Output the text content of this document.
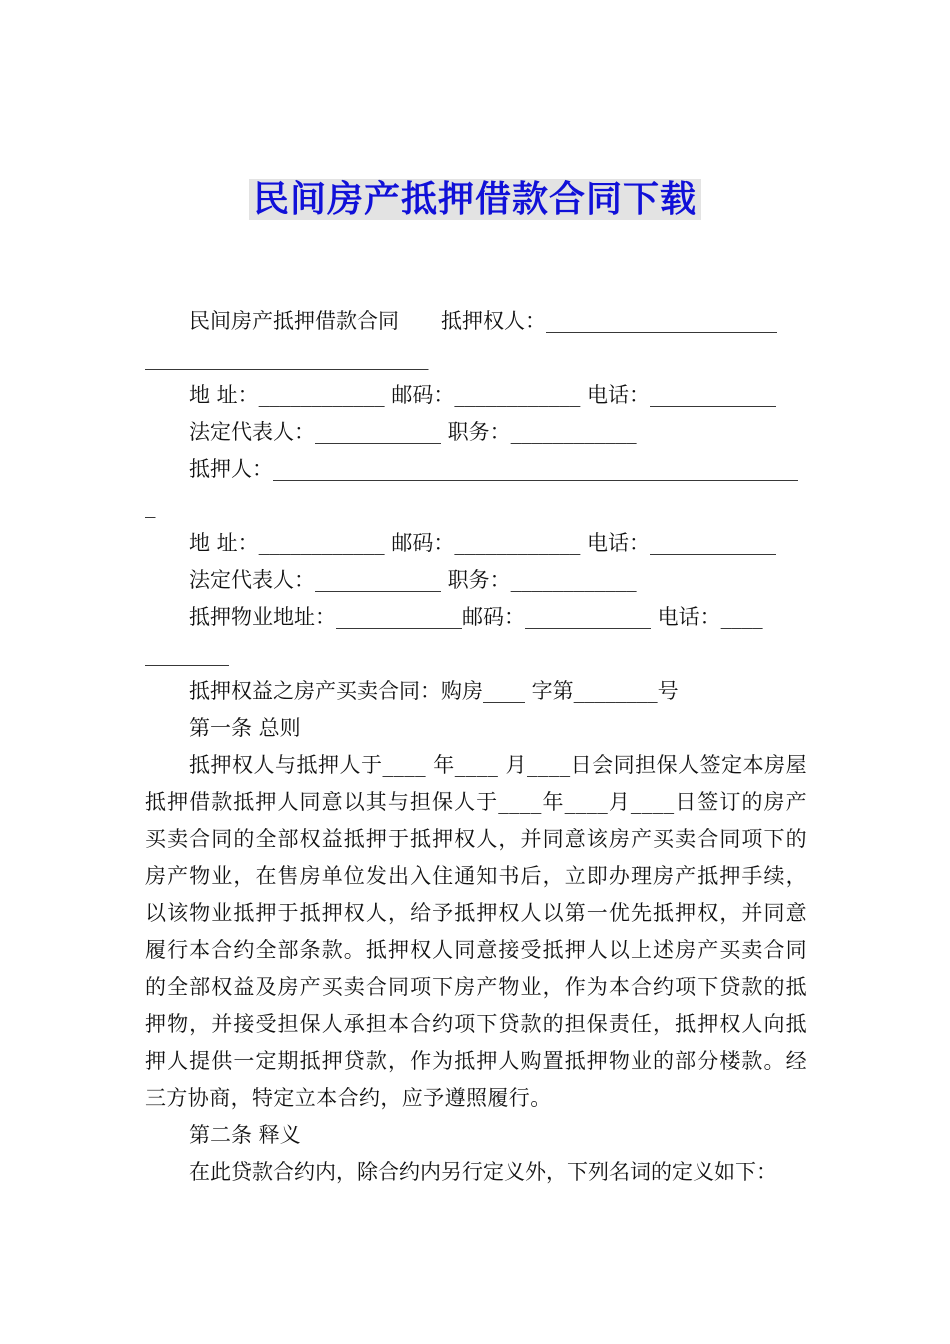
民间房产抵押借款合同下载

民间房产抵押借款合同　　抵押权人：______________________

___________________________

地 址：____________ 邮码：____________ 电话：____________

法定代表人：____________ 职务：____________

抵押人：__________________________________________________

_

地 址：____________ 邮码：____________ 电话：____________

法定代表人：____________ 职务：____________

抵押物业地址：____________邮码：____________ 电话：____

________

抵押权益之房产买卖合同：购房____ 字第________号

第一条 总则

抵押权人与抵押人于____ 年____ 月____日会同担保人签定本房屋抵押借款抵押人同意以其与担保人于____年____月____日签订的房产买卖合同的全部权益抵押于抵押权人，并同意该房产买卖合同项下的房产物业，在售房单位发出入住通知书后，立即办理房产抵押手续，以该物业抵押于抵押权人，给予抵押权人以第一优先抵押权，并同意履行本合约全部条款。抵押权人同意接受抵押人以上述房产买卖合同的全部权益及房产买卖合同项下房产物业，作为本合约项下贷款的抵押物，并接受担保人承担本合约项下贷款的担保责任，抵押权人向抵押人提供一定期抵押贷款，作为抵押人购置抵押物业的部分楼款。经三方协商，特定立本合约，应予遵照履行。

第二条 释义

在此贷款合约内，除合约内另行定义外，下列名词的定义如下：
